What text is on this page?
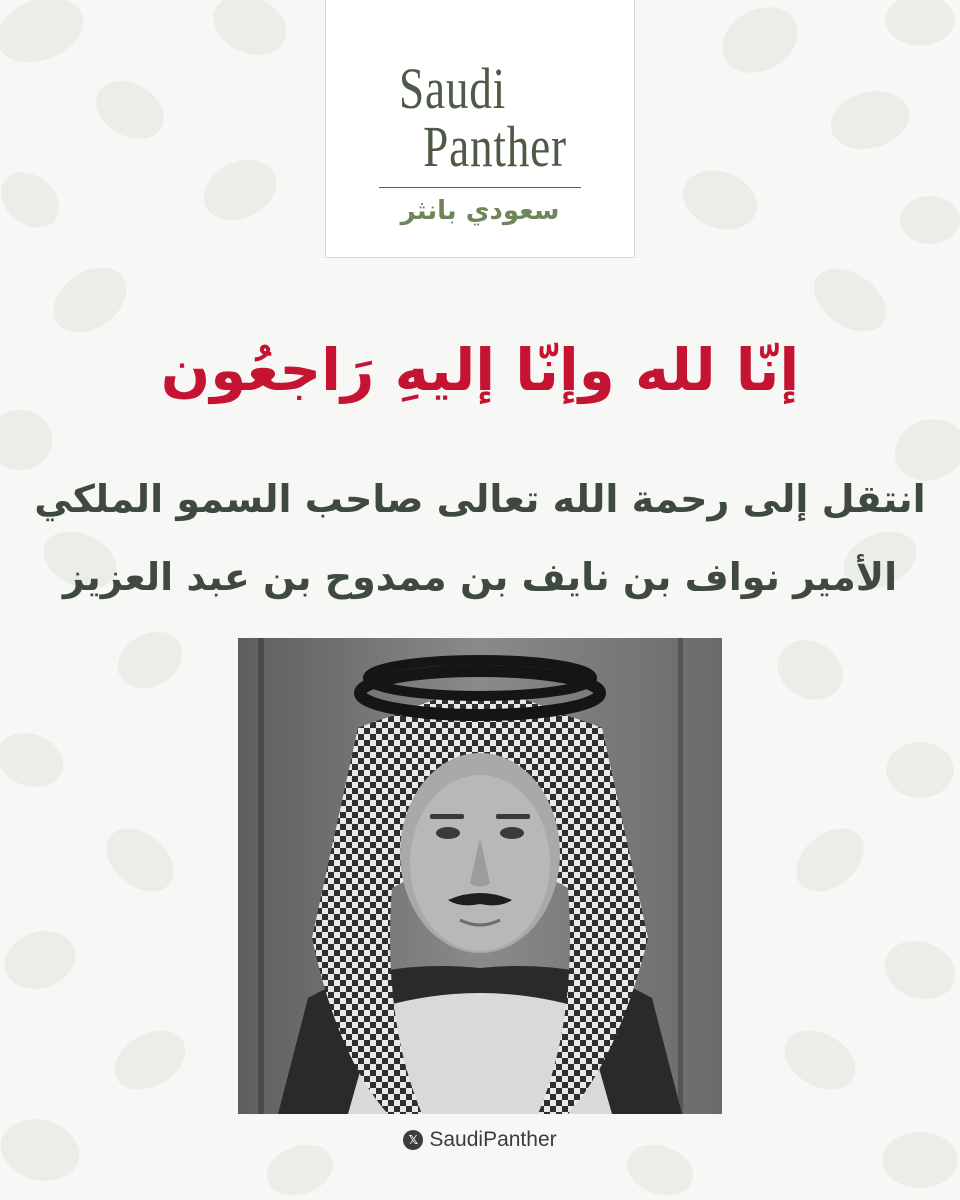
Saudi
Panther
سعودي بانثر
إنّا لله وإنّا إليهِ رَاجعُون
انتقل إلى رحمة الله تعالى صاحب السمو الملكي
الأمير نواف بن نايف بن ممدوح بن عبد العزيز
𝕏 SaudiPanther
